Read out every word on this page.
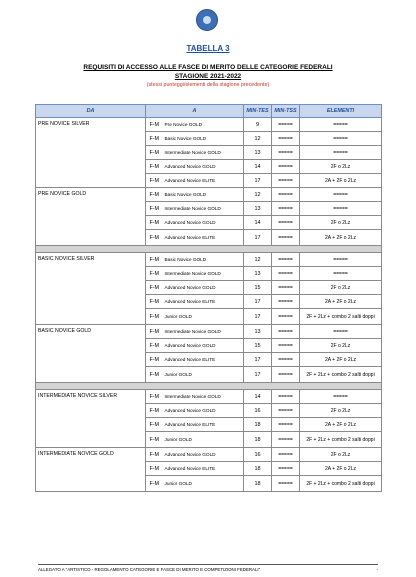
TABELLA 3
REQUISITI DI ACCESSO ALLE FASCE DI MERITO DELLE CATEGORIE FEDERALI
STAGIONE 2021-2022
(stessi punteggi/elementi della stagione precedente)
DA	A		MIN-TES	MIN-TSS	ELEMENTI
PRE NOVICE SILVER	F-M	Pre Novice GOLD	9	=====	=====
	F-M	Basic Novice GOLD	12	=====	=====
	F-M	Intermediate Novice GOLD	13	=====	=====
	F-M	Advanced Novice GOLD	14	=====	2F o 2Lz
	F-M	Advanced Novice ELITE	17	=====	2A + 2F o 2Lz
PRE NOVICE GOLD	F-M	Basic Novice GOLD	12	=====	=====
	F-M	Intermediate Novice GOLD	13	=====	=====
	F-M	Advanced Novice GOLD	14	=====	2F o 2Lz
	F-M	Advanced Novice ELITE	17	=====	2A + 2F o 2Lz

BASIC NOVICE SILVER	F-M	Basic Novice GOLD	12	=====	=====
	F-M	Intermediate Novice GOLD	13	=====	=====
	F-M	Advanced Novice GOLD	15	=====	2F o 2Lz
	F-M	Advanced Novice ELITE	17	=====	2A + 2F o 2Lz
	F-M	Junior GOLD	17	=====	2F + 2Lz + combo 2 salti doppi
BASIC NOVICE GOLD	F-M	Intermediate Novice GOLD	13	=====	=====
	F-M	Advanced Novice GOLD	15	=====	2F o 2Lz
	F-M	Advanced Novice ELITE	17	=====	2A + 2F o 2Lz
	F-M	Junior GOLD	17	=====	2F + 2Lz + combo 2 salti doppi

INTERMEDIATE NOVICE SILVER	F-M	Intermediate Novice GOLD	14	=====	=====
	F-M	Advanced Novice GOLD	16	=====	2F o 2Lz
	F-M	Advanced Novice ELITE	18	=====	2A + 2F o 2Lz
	F-M	Junior GOLD	18	=====	2F + 2Lz + combo 2 salti doppi
INTERMEDIATE NOVICE GOLD	F-M	Advanced Novice GOLD	16	=====	2F o 2Lz
	F-M	Advanced Novice ELITE	18	=====	2A + 2F o 2Lz
	F-M	Junior GOLD	18	=====	2F + 2Lz + combo 2 salti doppi
ALLEGATO A "ARTISTICO - REGOLAMENTO CATEGORIE E FASCE DI MERITO E COMPETIZIONI FEDERALI"	-
